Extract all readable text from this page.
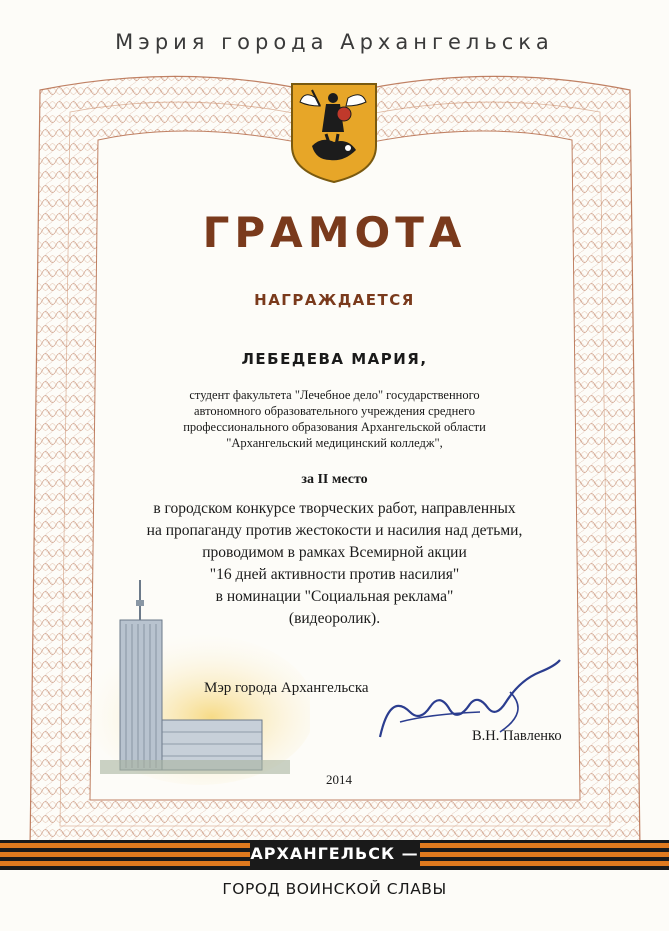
Мэрия города Архангельска
ГРАМОТА
НАГРАЖДАЕТСЯ
ЛЕБЕДЕВА МАРИЯ,
студент факультета "Лечебное дело" государственного
автономного образовательного учреждения среднего
профессионального образования Архангельской области
"Архангельский медицинский колледж",
за II место
в городском конкурсе творческих работ, направленных
на пропаганду против жестокости и насилия над детьми,
проводимом в рамках Всемирной акции
"16 дней активности против насилия"
в номинации "Социальная реклама"
(видеоролик).
Мэр города Архангельска
В.Н. Павленко
2014
АРХАНГЕЛЬСК —
ГОРОД ВОИНСКОЙ СЛАВЫ
